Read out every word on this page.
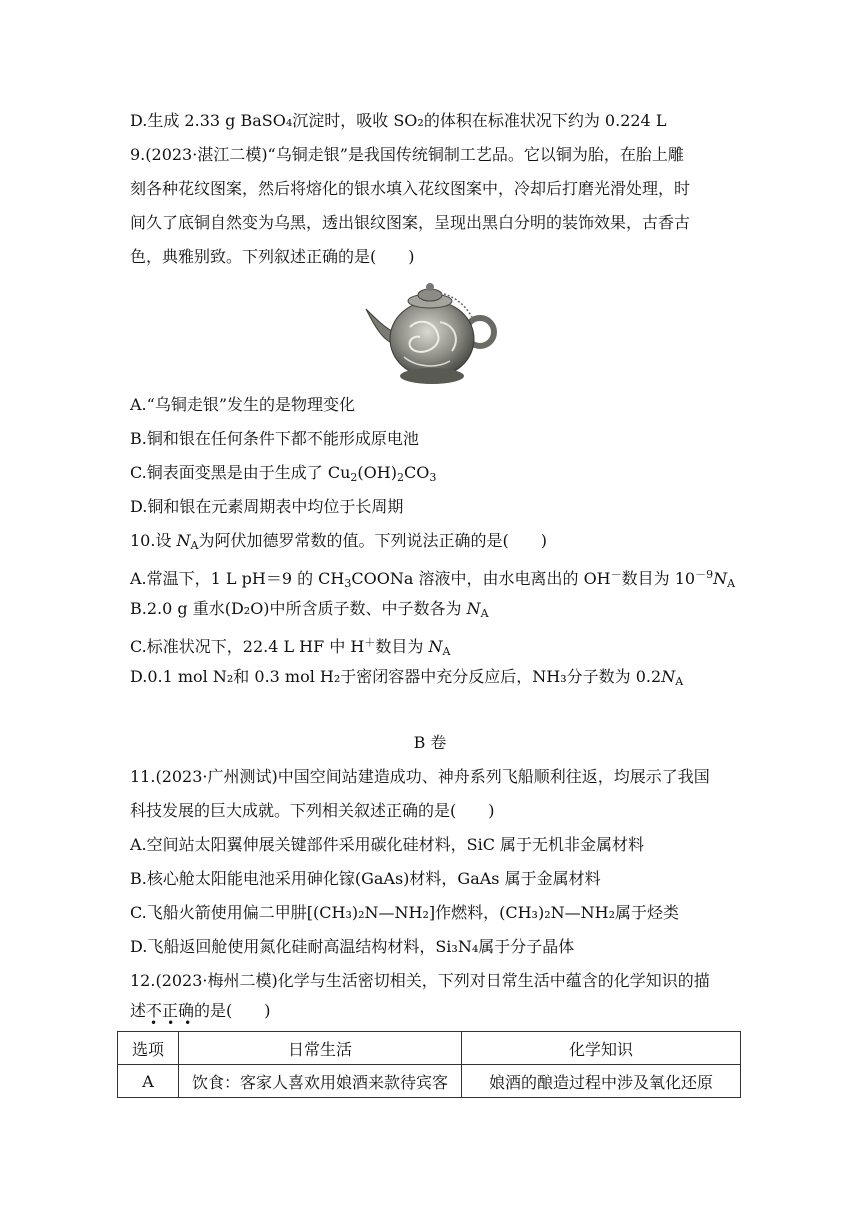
D.生成 2.33 g BaSO₄沉淀时，吸收 SO₂的体积在标准状况下约为 0.224 L
9.(2023·湛江二模)“乌铜走银”是我国传统铜制工艺品。它以铜为胎，在胎上雕
刻各种花纹图案，然后将熔化的银水填入花纹图案中，冷却后打磨光滑处理，时
间久了底铜自然变为乌黑，透出银纹图案，呈现出黑白分明的装饰效果，古香古
色，典雅别致。下列叙述正确的是(　　)
A.“乌铜走银”发生的是物理变化
B.铜和银在任何条件下都不能形成原电池
C.铜表面变黑是由于生成了 $Cu_2(OH)_2CO_3$
D.铜和银在元素周期表中均位于长周期
10.设 $N_A$为阿伏加德罗常数的值。下列说法正确的是(　　)
A.常温下，1 L pH＝9 的 $CH_3COONa$ 溶液中，由水电离出的 OH－数目为 $10^{-9}N_A$
B.2.0 g 重水(D₂O)中所含质子数、中子数各为 $N_A$
C.标准状况下，22.4 L HF 中 H＋数目为 $N_A$
D.0.1 mol N₂和 0.3 mol H₂于密闭容器中充分反应后，NH₃分子数为 $0.2N_A$
B 卷
11.(2023·广州测试)中国空间站建造成功、神舟系列飞船顺利往返，均展示了我国
科技发展的巨大成就。下列相关叙述正确的是(　　)
A.空间站太阳翼伸展关键部件采用碳化硅材料，SiC 属于无机非金属材料
B.核心舱太阳能电池采用砷化镓(GaAs)材料，GaAs 属于金属材料
C.飞船火箭使用偏二甲肼[(CH₃)₂N—NH₂]作燃料，(CH₃)₂N—NH₂属于烃类
D.飞船返回舱使用氮化硅耐高温结构材料，Si₃N₄属于分子晶体
12.(2023·梅州二模)化学与生活密切相关，下列对日常生活中蕴含的化学知识的描
述不正确的是(　　)
•••
选项	日常生活	化学知识
A	饮食：客家人喜欢用娘酒来款待宾客	娘酒的酿造过程中涉及氧化还原
